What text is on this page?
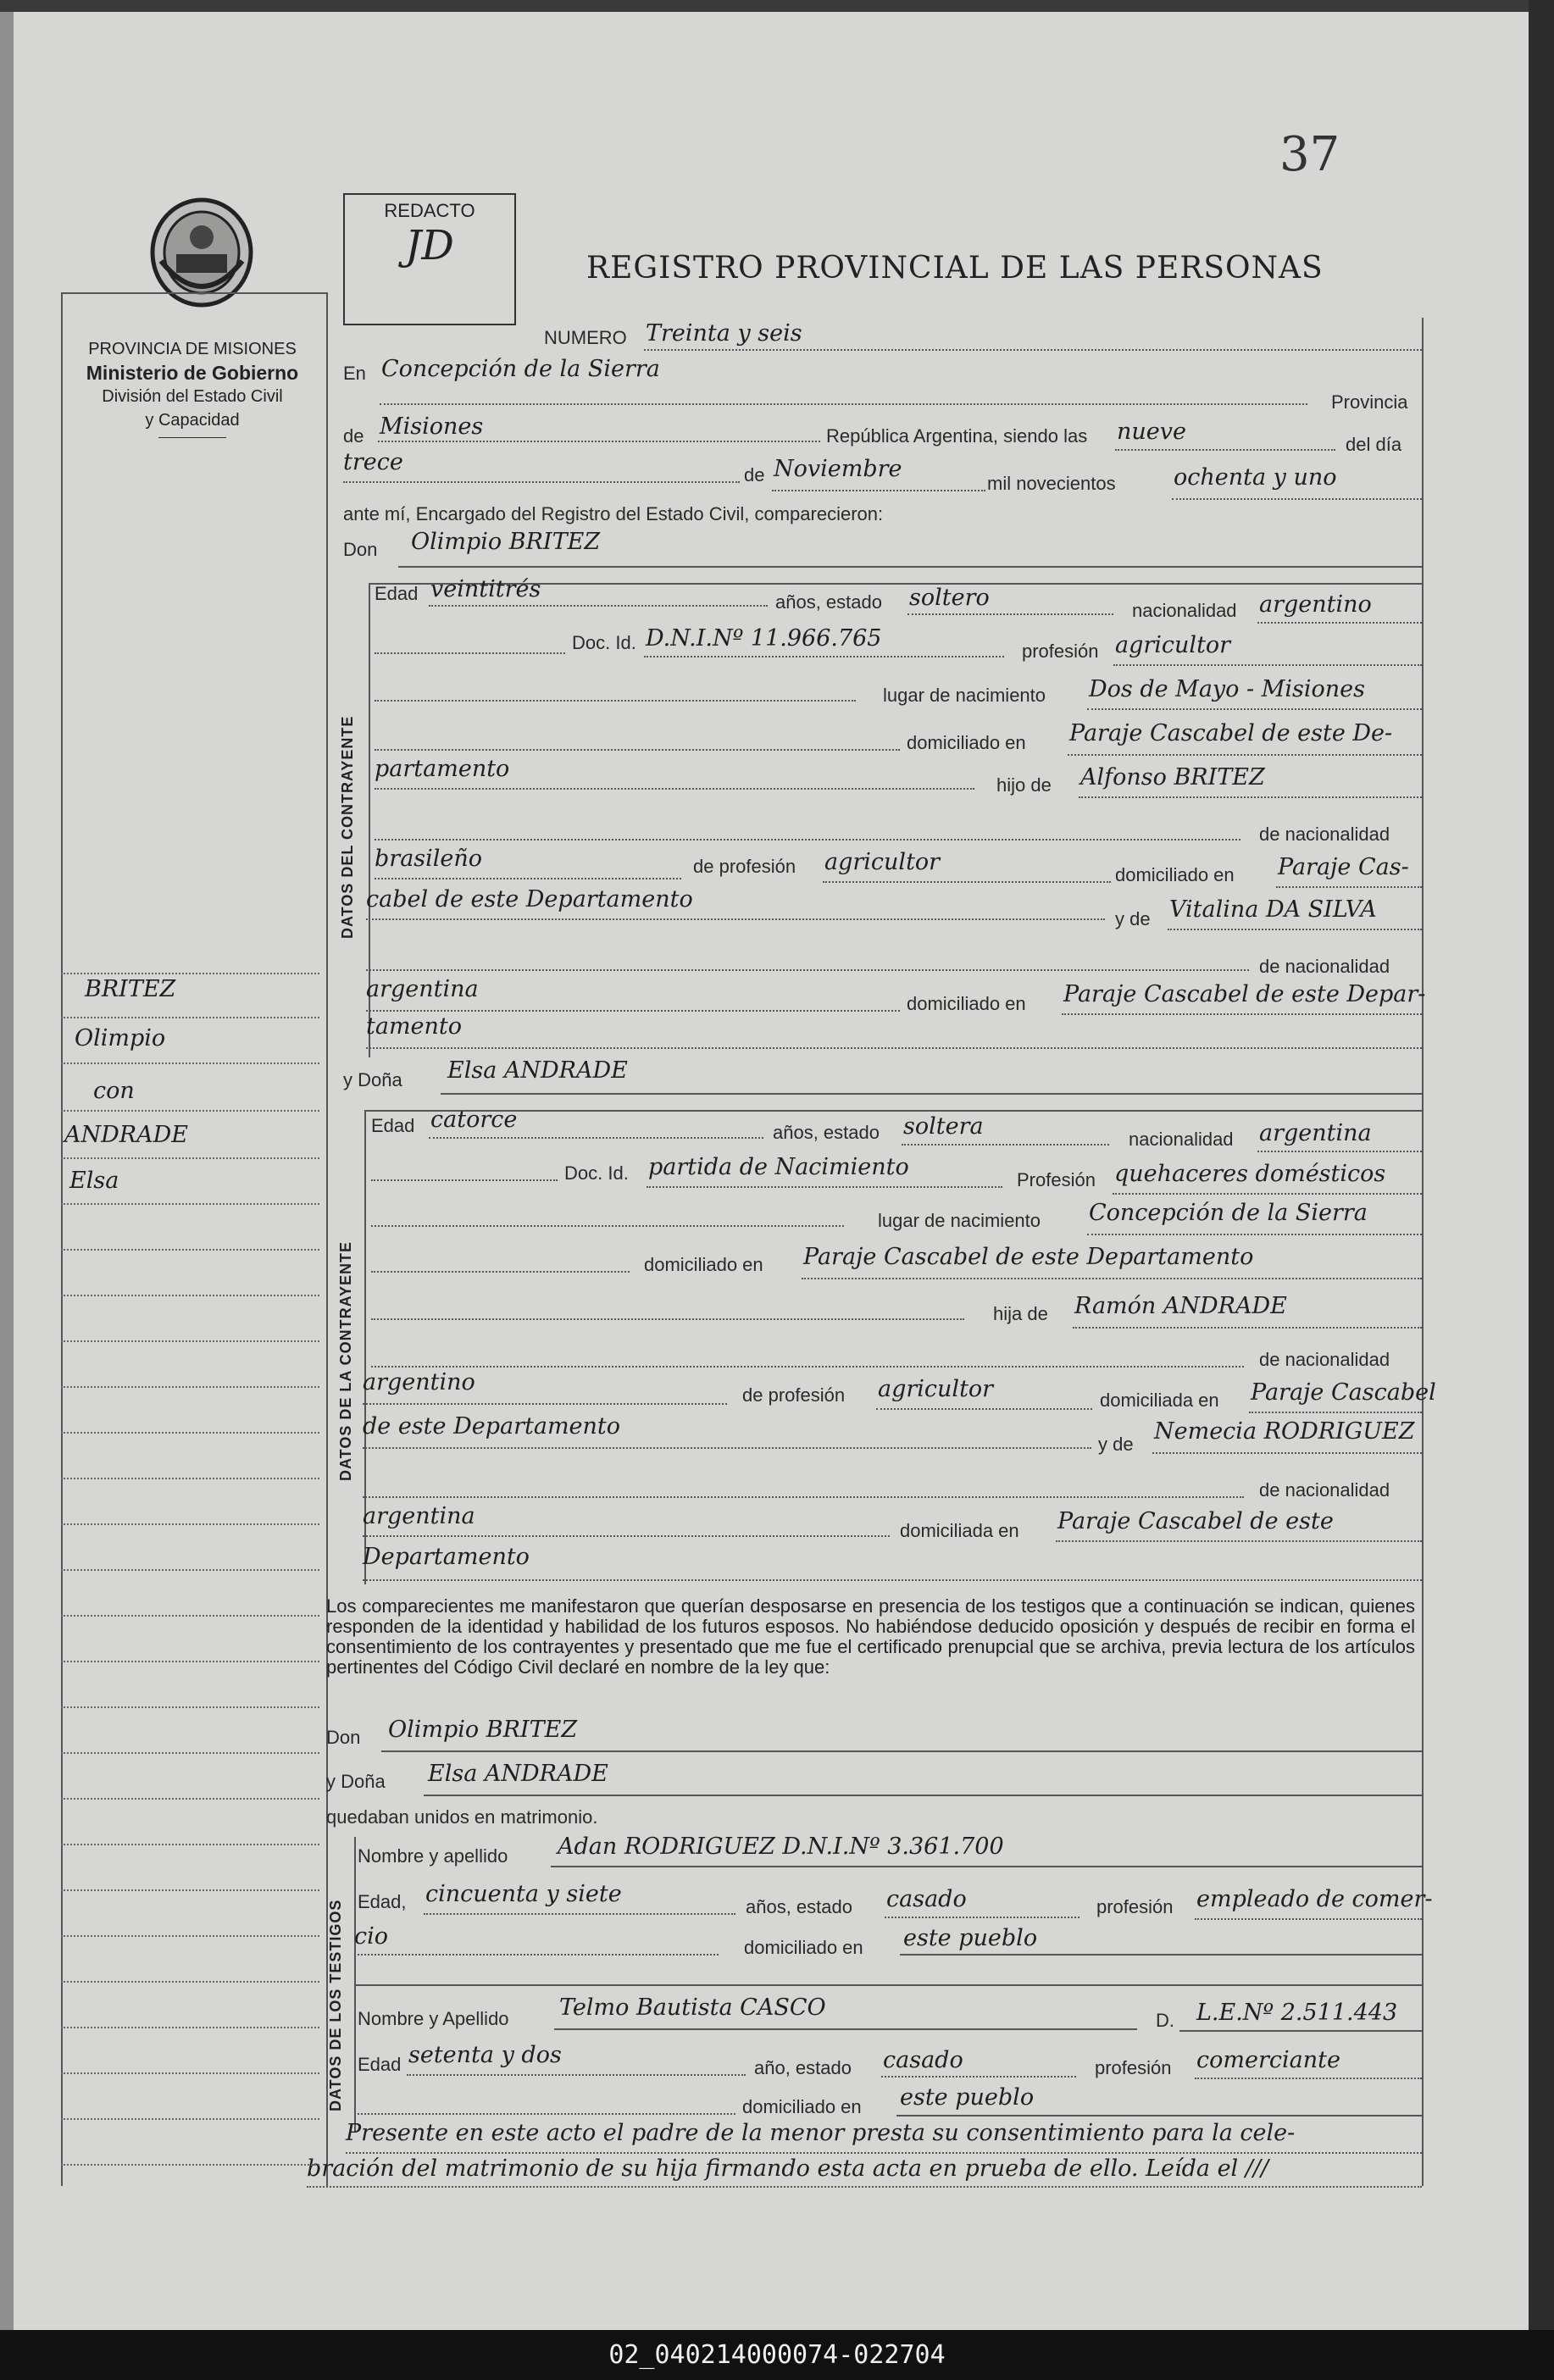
37
PROVINCIA DE MISIONES
Ministerio de Gobierno
División del Estado Civil
y Capacidad
REDACTO
JD	REGISTRO PROVINCIAL DE LAS PERSONAS
NUMERO Treinta y seis
En Concepción de la Sierra
Provincia
de Misiones	República Argentina, siendo las nueve	del día
trece	de Noviembre
mil novecientos	ochenta y uno
ante mí, Encargado del Registro del Estado Civil, comparecieron:
Don Olimpio BRITEZ
DATOS DEL CONTRAYENTE
Edad veintitrés	años, estado soltero	nacionalidad argentino
Doc. Id. D.N.I.Nº 11.966.765	profesión agricultor
lugar de nacimiento Dos de Mayo - Misiones
domiciliado en Paraje Cascabel de este De-
partamento
hijo de Alfonso BRITEZ
de nacionalidad
brasileño	de profesión agricultor	domiciliado en Paraje Cas-
cabel de este Departamento
y de Vitalina DA SILVA
de nacionalidad
argentina
domiciliado en Paraje Cascabel de este Depar-
tamento
y Doña Elsa ANDRADE
DATOS DE LA CONTRAYENTE
Edad catorce	años, estado soltera	nacionalidad argentina
Doc. Id. partida de Nacimiento	Profesión quehaceres domésticos
lugar de nacimiento Concepción de la Sierra
domiciliado en Paraje Cascabel de este Departamento
hija de Ramón ANDRADE
de nacionalidad
argentino	de profesión agricultor	domiciliada en Paraje Cascabel
de este Departamento
y de Nemecia RODRIGUEZ
de nacionalidad
argentina
domiciliada en Paraje Cascabel de este
Departamento
Los comparecientes me manifestaron que querían desposarse en presencia de los testigos que a continuación se indican, quienes responden de la identidad y habilidad de los futuros esposos. No habiéndose deducido oposición y después de recibir en forma el consentimiento de los contrayentes y presentado que me fue el certificado prenupcial que se archiva, previa lectura de los artículos pertinentes del Código Civil declaré en nombre de la ley que:
Don Olimpio BRITEZ
y Doña Elsa ANDRADE
quedaban unidos en matrimonio.
DATOS DE LOS TESTIGOS
Nombre y apellido Adan RODRIGUEZ D.N.I.Nº 3.361.700
Edad, cincuenta y siete	años, estado casado	profesión empleado de comer-
cio	domiciliado en este pueblo
Nombre y Apellido Telmo Bautista CASCO	D. L.E.Nº 2.511.443
Edad setenta y dos	año, estado casado	profesión comerciante
domiciliado en este pueblo
Presente en este acto el padre de la menor presta su consentimiento para la cele-
bración del matrimonio de su hija firmando esta acta en prueba de ello. Leída el ///
BRITEZ
Olimpio
con
ANDRADE
Elsa
02_040214000074-022704
